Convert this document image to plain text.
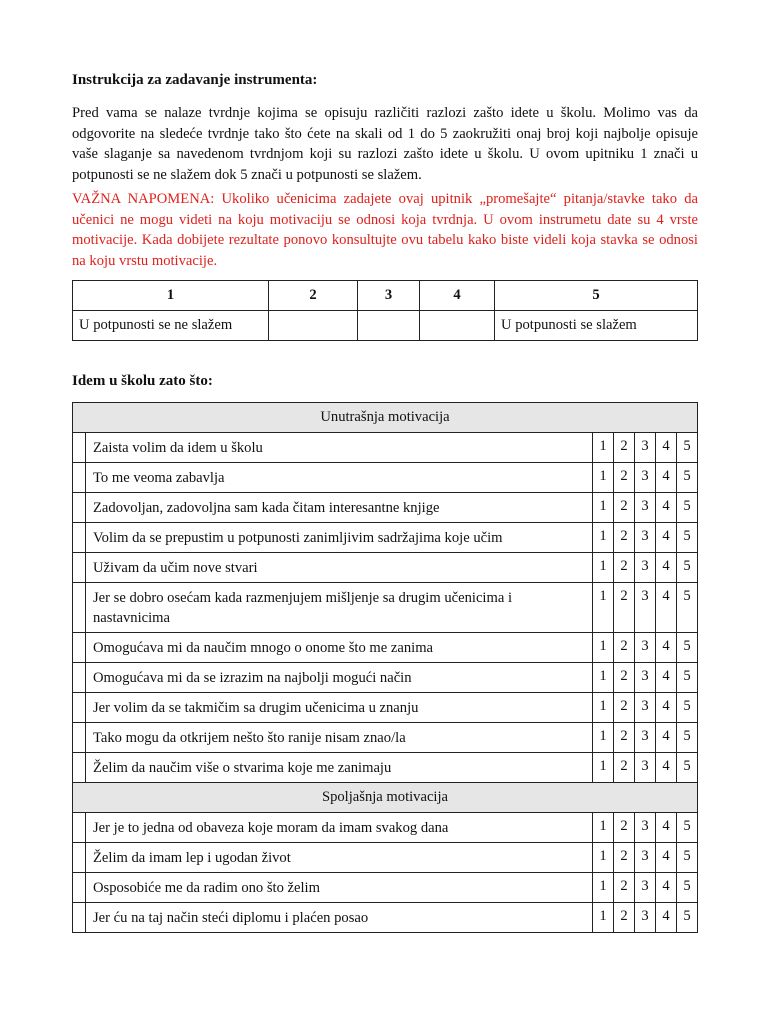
Instrukcija za zadavanje instrumenta:
Pred vama se nalaze tvrdnje kojima se opisuju različiti razlozi zašto idete u školu. Molimo vas da odgovorite na sledeće tvrdnje tako što ćete na skali od 1 do 5 zaokružiti onaj broj koji najbolje opisuje vaše slaganje sa navedenom tvrdnjom koji su razlozi zašto idete u školu. U ovom upitniku 1 znači u potpunosti se ne slažem dok 5 znači u potpunosti se slažem.
VAŽNA NAPOMENA: Ukoliko učenicima zadajete ovaj upitnik „promešajte“ pitanja/stavke tako da učenici ne mogu videti na koju motivaciju se odnosi koja tvrdnja. U ovom instrumetu date su 4 vrste motivacije. Kada dobijete rezultate ponovo konsultujte ovu tabelu kako biste videli koja stavka se odnosi na koju vrstu motivacije.
1	2	3	4	5
U potpunosti se ne slažem				U potpunosti se slažem
Idem u školu zato što:
Unutrašnja motivacija						
	Zaista volim da idem u školu	1	2	3	4	5
	To me veoma zabavlja	1	2	3	4	5
	Zadovoljan, zadovoljna sam kada čitam interesantne knjige	1	2	3	4	5
	Volim da se prepustim u potpunosti zanimljivim sadržajima koje učim	1	2	3	4	5
	Uživam da učim nove stvari	1	2	3	4	5
	Jer se dobro osećam kada razmenjujem mišljenje sa drugim učenicima i nastavnicima	1	2	3	4	5
	Omogućava mi da naučim mnogo o onome što me zanima	1	2	3	4	5
	Omogućava mi da se izrazim na najbolji mogući način	1	2	3	4	5
	Jer volim da se takmičim sa drugim učenicima u znanju	1	2	3	4	5
	Tako mogu da otkrijem nešto što ranije nisam znao/la	1	2	3	4	5
	Želim da naučim više o stvarima koje me zanimaju	1	2	3	4	5
Spoljašnja motivacija						
	Jer je to jedna od obaveza koje moram da imam svakog dana	1	2	3	4	5
	Želim da imam lep i ugodan život	1	2	3	4	5
	Osposobiće me da radim ono što želim	1	2	3	4	5
	Jer ću na taj način steći diplomu i plaćen posao	1	2	3	4	5
